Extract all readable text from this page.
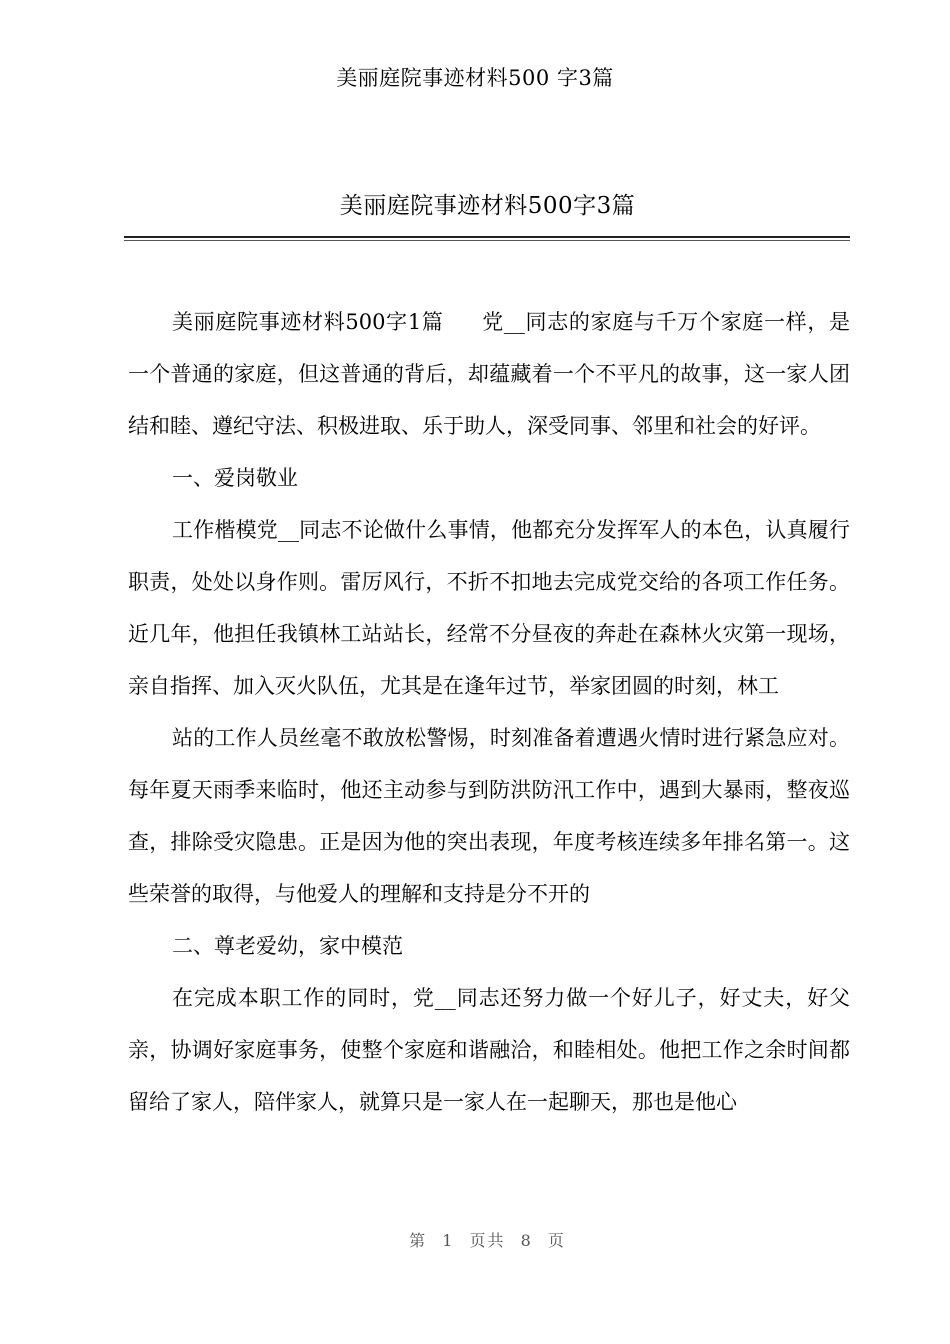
美丽庭院事迹材料500 字3篇
美丽庭院事迹材料500字3篇

美丽庭院事迹材料500字1篇 党__同志的家庭与千万个家庭一样，是一个普通的家庭，但这普通的背后，却蕴藏着一个不平凡的故事，这一家人团结和睦、遵纪守法、积极进取、乐于助人，深受同事、邻里和社会的好评。

一、爱岗敬业

工作楷模党__同志不论做什么事情，他都充分发挥军人的本色，认真履行职责，处处以身作则。雷厉风行，不折不扣地去完成党交给的各项工作任务。近几年，他担任我镇林工站站长，经常不分昼夜的奔赴在森林火灾第一现场，亲自指挥、加入灭火队伍，尤其是在逢年过节，举家团圆的时刻，林工

站的工作人员丝毫不敢放松警惕，时刻准备着遭遇火情时进行紧急应对。每年夏天雨季来临时，他还主动参与到防洪防汛工作中，遇到大暴雨，整夜巡查，排除受灾隐患。正是因为他的突出表现，年度考核连续多年排名第一。这些荣誉的取得，与他爱人的理解和支持是分不开的

二、尊老爱幼，家中模范

在完成本职工作的同时，党__同志还努力做一个好儿子，好丈夫，好父亲，协调好家庭事务，使整个家庭和谐融洽，和睦相处。他把工作之余时间都留给了家人，陪伴家人，就算只是一家人在一起聊天，那也是他心

第 1 页共 8 页
